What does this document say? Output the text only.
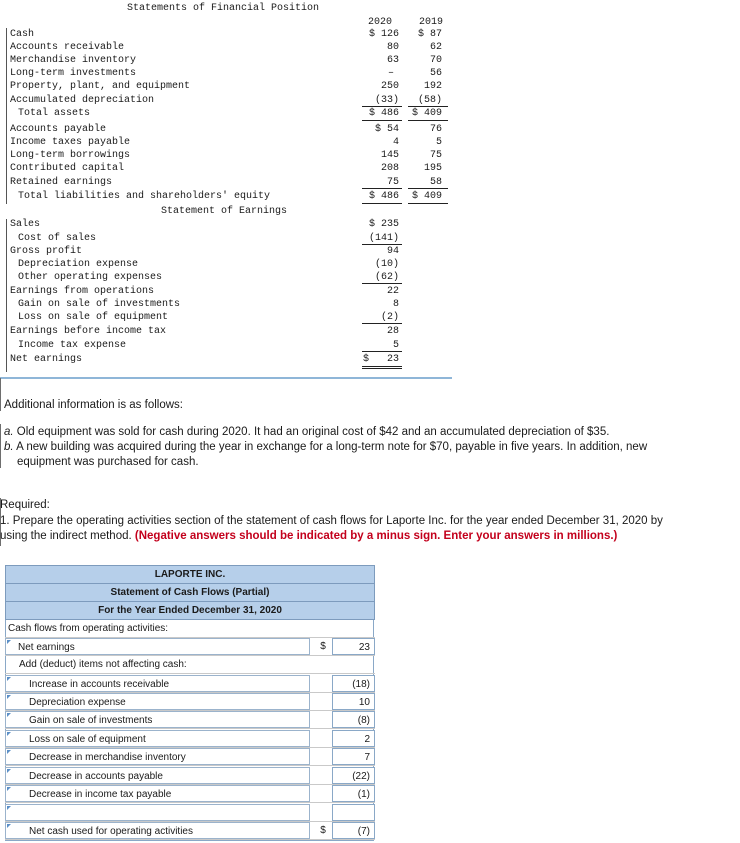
Statements of Financial Position
2020	2019
Cash	$ 126 $ 87
Accounts receivable	80	62
Merchandise inventory	63	70
Long-term investments	–	56
Property, plant, and equipment	250 192
Accumulated depreciation	(33) (58)
Total assets	$ 486 $ 409
Accounts payable	$ 54	76
Income taxes payable	4	5
Long-term borrowings	145	75
Contributed capital	208 195
Retained earnings	75	58
Total liabilities and shareholders' equity	$ 486 $ 409
Statement of Earnings
Sales	$ 235
Cost of sales	(141)
Gross profit	94
Depreciation expense	(10)
Other operating expenses	(62)
Earnings from operations	22
Gain on sale of investments	8
Loss on sale of equipment	(2)
Earnings before income tax	28
Income tax expense	5
Net earnings	$   23
Additional information is as follows:
a. Old equipment was sold for cash during 2020. It had an original cost of $42 and an accumulated depreciation of $35.
b. A new building was acquired during the year in exchange for a long-term note for $70, payable in five years. In addition, new
equipment was purchased for cash.
Required:
1. Prepare the operating activities section of the statement of cash flows for Laporte Inc. for the year ended December 31, 2020 by
using the indirect method. (Negative answers should be indicated by a minus sign. Enter your answers in millions.)
LAPORTE INC.
Statement of Cash Flows (Partial)
For the Year Ended December 31, 2020
Cash flows from operating activities:
Net earnings	$	23
Add (deduct) items not affecting cash:
Increase in accounts receivable	(18)
Depreciation expense	10
Gain on sale of investments	(8)
Loss on sale of equipment	2
Decrease in merchandise inventory	7
Decrease in accounts payable	(22)
Decrease in income tax payable	(1)
Net cash used for operating activities	$	(7)
